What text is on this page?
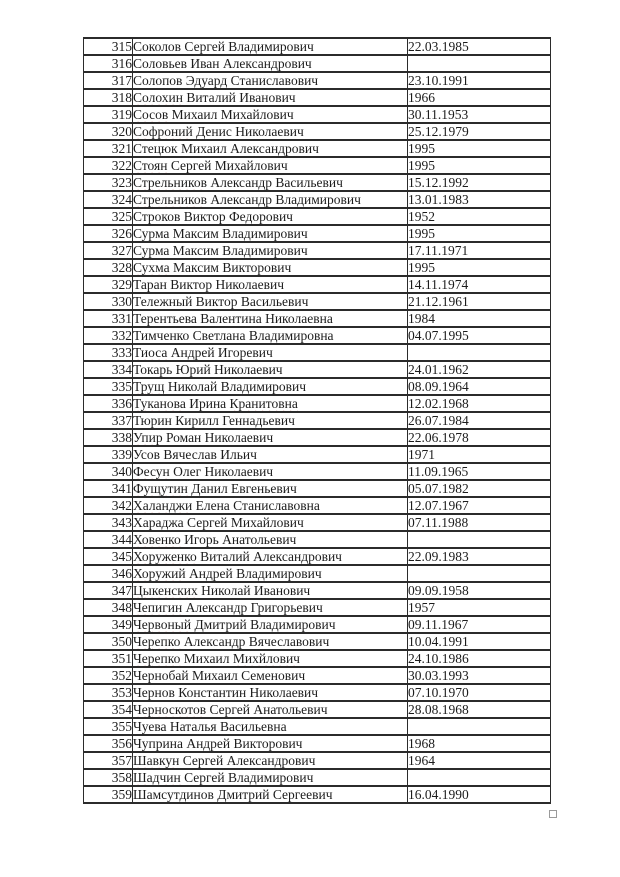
315	Соколов Сергей Владимирович	22.03.1985
316	Соловьев Иван Александрович	
317	Солопов Эдуард Станиславович	23.10.1991
318	Солохин Виталий Иванович	1966
319	Сосов Михаил Михайлович	30.11.1953
320	Софроний Денис Николаевич	25.12.1979
321	Стецюк Михаил Александрович	1995
322	Стоян Сергей Михайлович	1995
323	Стрельников Александр Васильевич	15.12.1992
324	Стрельников Александр Владимирович	13.01.1983
325	Строков Виктор Федорович	1952
326	Сурма Максим Владимирович	1995
327	Сурма Максим Владимирович	17.11.1971
328	Сухма Максим Викторович	1995
329	Таран Виктор Николаевич	14.11.1974
330	Тележный Виктор Васильевич	21.12.1961
331	Терентьева Валентина Николаевна	1984
332	Тимченко Светлана Владимировна	04.07.1995
333	Тиоса Андрей Игоревич	
334	Токарь Юрий Николаевич	24.01.1962
335	Трущ Николай Владимирович	08.09.1964
336	Туканова Ирина Кранитовна	12.02.1968
337	Тюрин Кирилл Геннадьевич	26.07.1984
338	Упир Роман Николаевич	22.06.1978
339	Усов Вячеслав Ильич	1971
340	Фесун Олег Николаевич	11.09.1965
341	Фущутин Данил Евгеньевич	05.07.1982
342	Халанджи Елена Станиславовна	12.07.1967
343	Хараджа Сергей Михайлович	07.11.1988
344	Ховенко Игорь Анатольевич	
345	Хоруженко Виталий Александрович	22.09.1983
346	Хоружий Андрей Владимирович	
347	Цыкенских Николай Иванович	09.09.1958
348	Чепигин Александр Григорьевич	1957
349	Червоный Дмитрий Владимирович	09.11.1967
350	Черепко Александр Вячеславович	10.04.1991
351	Черепко Михаил Михйлович	24.10.1986
352	Чернобай Михаил Семенович	30.03.1993
353	Чернов Константин Николаевич	07.10.1970
354	Черноскотов Сергей Анатольевич	28.08.1968
355	Чуева Наталья Васильевна	
356	Чуприна Андрей Викторович	1968
357	Шавкун Сергей Александрович	1964
358	Шадчин Сергей Владимирович	
359	Шамсутдинов Дмитрий Сергеевич	16.04.1990
